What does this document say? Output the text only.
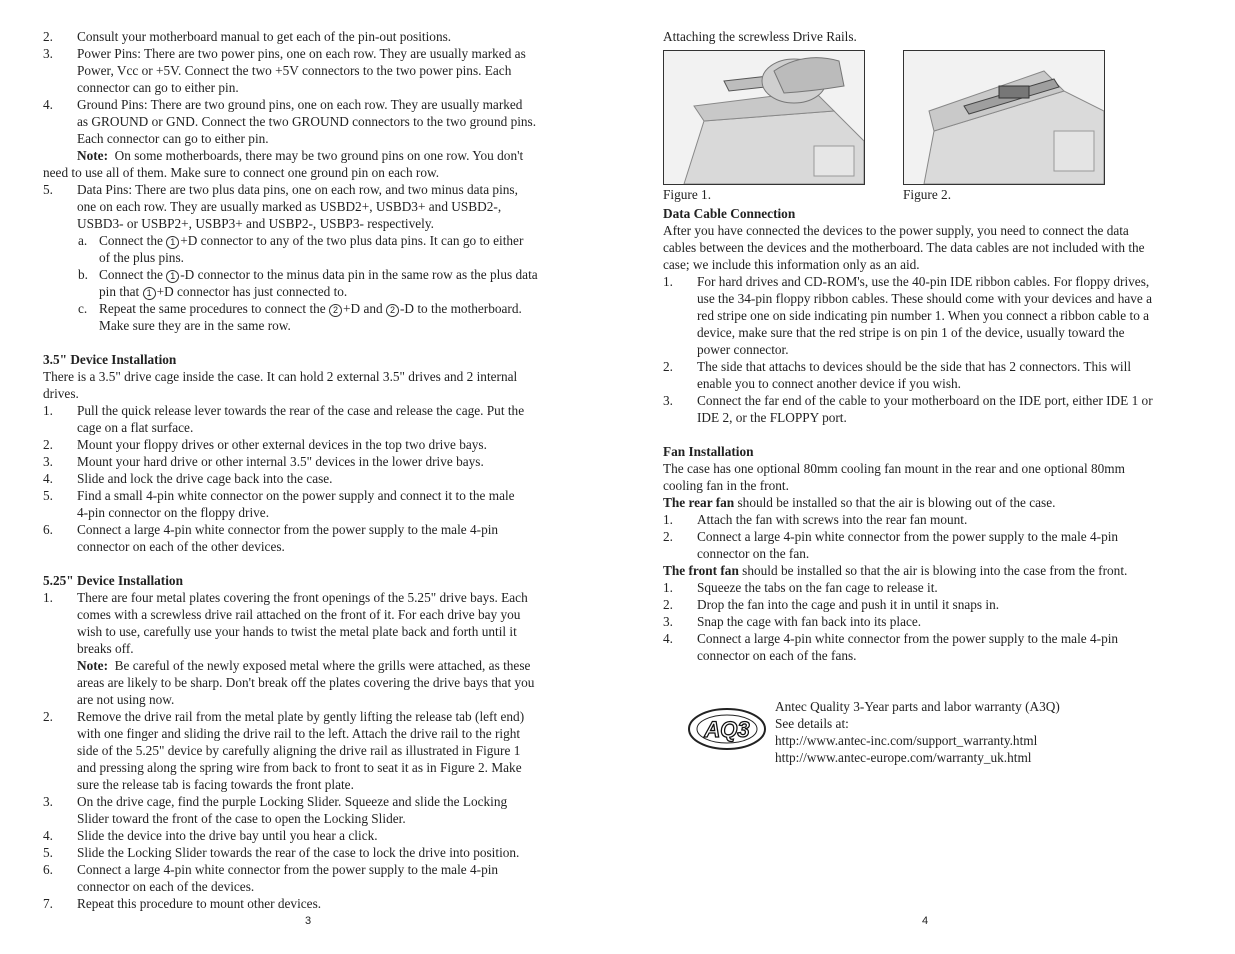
2. Consult your motherboard manual to get each of the pin-out positions.

3. Power Pins: There are two power pins, one on each row. They are usually marked as

Power, Vcc or +5V. Connect the two +5V connectors to the two power pins. Each

connector can go to either pin.

4. Ground Pins: There are two ground pins, one on each row. They are usually marked

as GROUND or GND. Connect the two GROUND connectors to the two ground pins.

Each connector can go to either pin.

Note: On some motherboards, there may be two ground pins on one row. You don't

need to use all of them. Make sure to connect one ground pin on each row.

5. Data Pins: There are two plus data pins, one on each row, and two minus data pins,

one on each row. They are usually marked as USBD2+, USBD3+ and USBD2-,

USBD3- or USBP2+, USBP3+ and USBP2-, USBP3- respectively.

a. Connect the 1 +D connector to any of the two plus data pins. It can go to either

of the plus pins.

b. Connect the 1 -D connector to the minus data pin in the same row as the plus data

pin that 1 +D connector has just connected to.

c. Repeat the same procedures to connect the 2 +D and 2 -D to the motherboard.

Make sure they are in the same row.

3.5" Device Installation

There is a 3.5" drive cage inside the case. It can hold 2 external 3.5" drives and 2 internal

drives.

1. Pull the quick release lever towards the rear of the case and release the cage. Put the

cage on a flat surface.

2. Mount your floppy drives or other external devices in the top two drive bays.

3. Mount your hard drive or other internal 3.5" devices in the lower drive bays.

4. Slide and lock the drive cage back into the case.

5. Find a small 4-pin white connector on the power supply and connect it to the male

4-pin connector on the floppy drive.

6. Connect a large 4-pin white connector from the power supply to the male 4-pin

connector on each of the other devices.

5.25" Device Installation

1. There are four metal plates covering the front openings of the 5.25" drive bays. Each

comes with a screwless drive rail attached on the front of it. For each drive bay you

wish to use, carefully use your hands to twist the metal plate back and forth until it

breaks off.

Note: Be careful of the newly exposed metal where the grills were attached, as these

areas are likely to be sharp. Don't break off the plates covering the drive bays that you

are not using now.

2. Remove the drive rail from the metal plate by gently lifting the release tab (left end)

with one finger and sliding the drive rail to the left. Attach the drive rail to the right

side of the 5.25" device by carefully aligning the drive rail as illustrated in Figure 1

and pressing along the spring wire from back to front to seat it as in Figure 2. Make

sure the release tab is facing towards the front plate.

3. On the drive cage, find the purple Locking Slider. Squeeze and slide the Locking

Slider toward the front of the case to open the Locking Slider.

4. Slide the device into the drive bay until you hear a click.

5. Slide the Locking Slider towards the rear of the case to lock the drive into position.

6. Connect a large 4-pin white connector from the power supply to the male 4-pin

connector on each of the devices.

7. Repeat this procedure to mount other devices.

3

Attaching the screwless Drive Rails.

Figure 1.	Figure 2.

Data Cable Connection

After you have connected the devices to the power supply, you need to connect the data

cables between the devices and the motherboard. The data cables are not included with the

case; we include this information only as an aid.

1. For hard drives and CD-ROM's, use the 40-pin IDE ribbon cables. For floppy drives,

use the 34-pin floppy ribbon cables. These should come with your devices and have a

red stripe one on side indicating pin number 1. When you connect a ribbon cable to a

device, make sure that the red stripe is on pin 1 of the device, usually toward the

power connector.

2. The side that attachs to devices should be the side that has 2 connectors. This will

enable you to connect another device if you wish.

3. Connect the far end of the cable to your motherboard on the IDE port, either IDE 1 or

IDE 2, or the FLOPPY port.

Fan Installation

The case has one optional 80mm cooling fan mount in the rear and one optional 80mm

cooling fan in the front.

The rear fan should be installed so that the air is blowing out of the case.

1. Attach the fan with screws into the rear fan mount.

2. Connect a large 4-pin white connector from the power supply to the male 4-pin

connector on the fan.

The front fan should be installed so that the air is blowing into the case from the front.

1. Squeeze the tabs on the fan cage to release it.

2. Drop the fan into the cage and push it in until it snaps in.

3. Snap the cage with fan back into its place.

4. Connect a large 4-pin white connector from the power supply to the male 4-pin

connector on each of the fans.

AQ3

Antec Quality 3-Year parts and labor warranty (A3Q)

See details at:

http://www.antec-inc.com/support_warranty.html

http://www.antec-europe.com/warranty_uk.html

4
